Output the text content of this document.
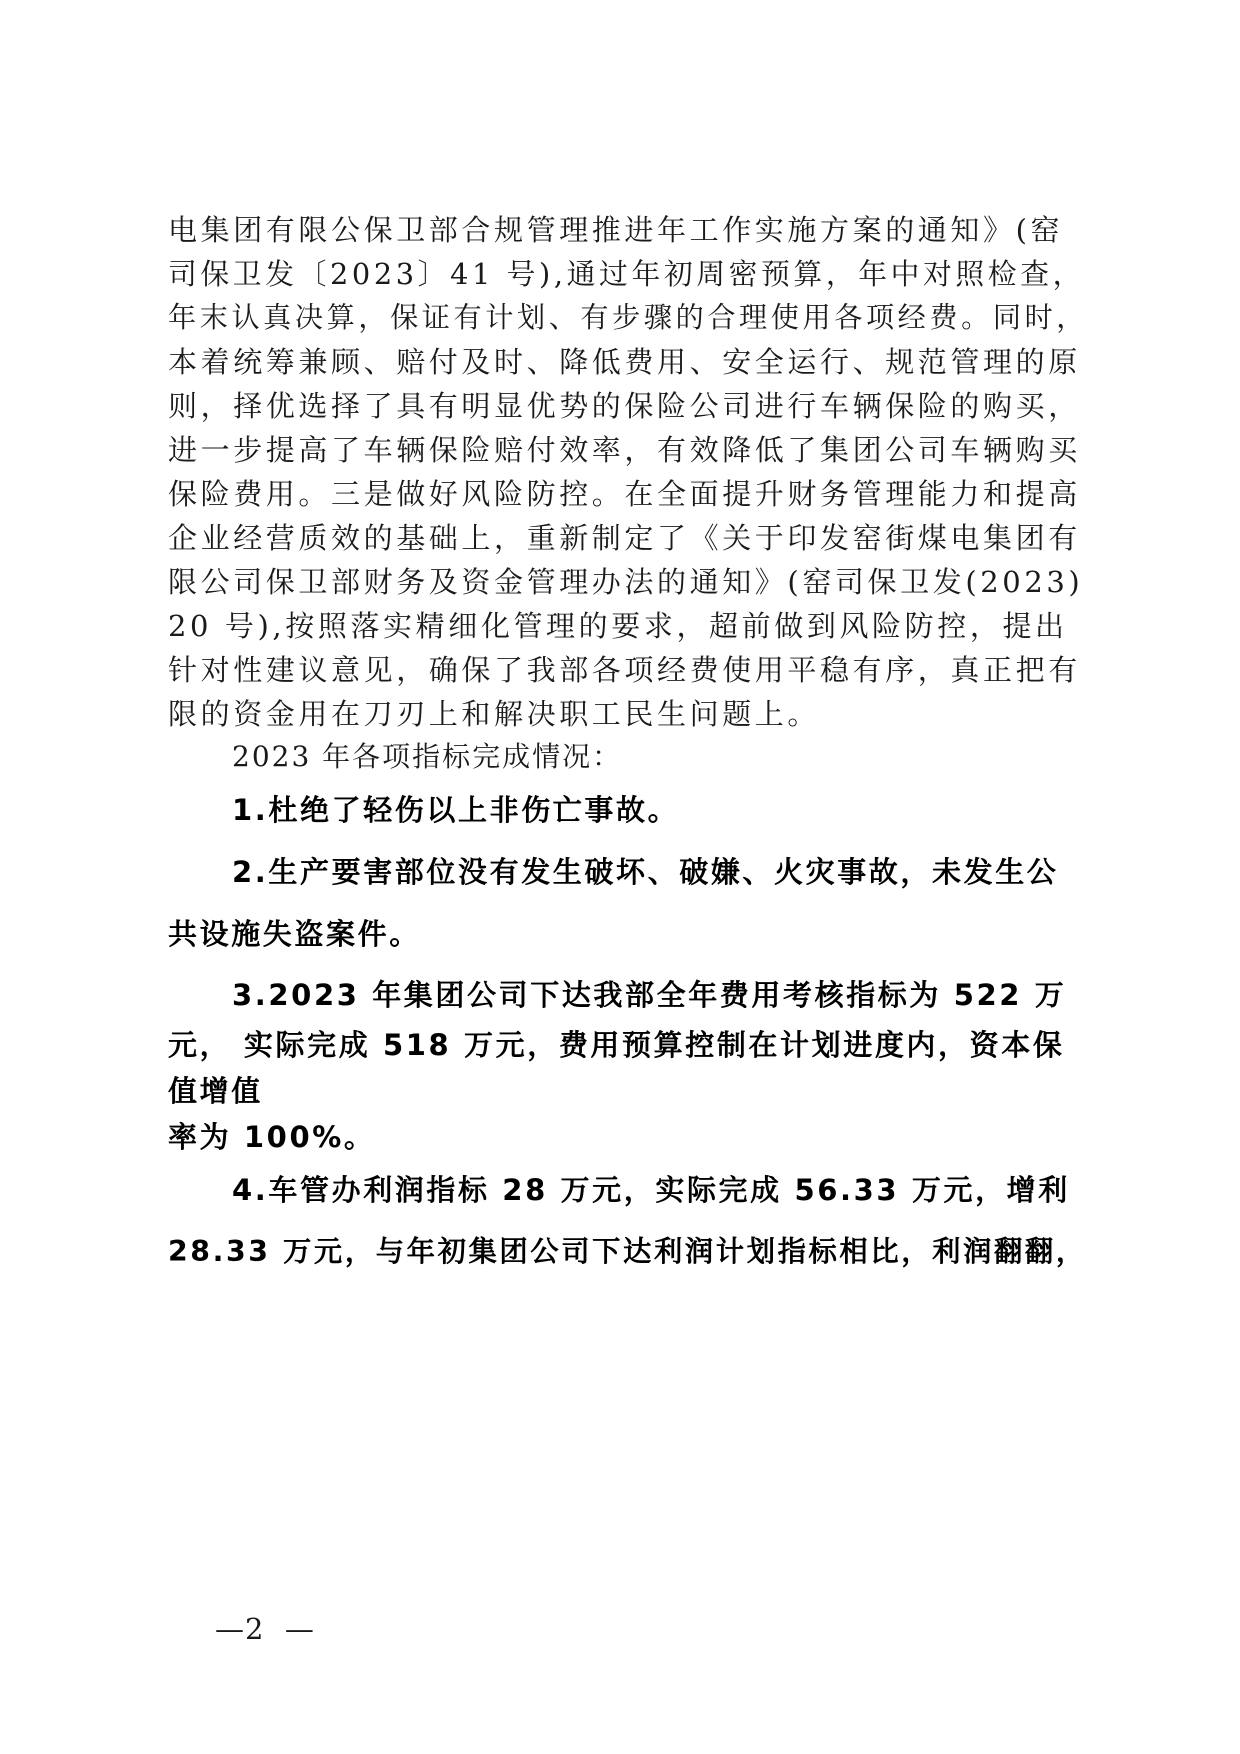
电集团有限公保卫部合规管理推进年工作实施方案的通知》(窑
司保卫发〔2023〕41 号),通过年初周密预算，年中对照检查，
年末认真决算，保证有计划、有步骤的合理使用各项经费。同时，
本着统筹兼顾、赔付及时、降低费用、安全运行、规范管理的原
则，择优选择了具有明显优势的保险公司进行车辆保险的购买，
进一步提高了车辆保险赔付效率，有效降低了集团公司车辆购买
保险费用。三是做好风险防控。在全面提升财务管理能力和提高
企业经营质效的基础上，重新制定了《关于印发窑街煤电集团有
限公司保卫部财务及资金管理办法的通知》(窑司保卫发(2023)
20 号),按照落实精细化管理的要求，超前做到风险防控，提出
针对性建议意见，确保了我部各项经费使用平稳有序，真正把有
限的资金用在刀刃上和解决职工民生问题上。
2023 年各项指标完成情况：
1.杜绝了轻伤以上非伤亡事故。
2.生产要害部位没有发生破坏、破嫌、火灾事故，未发生公
共设施失盗案件。
3.2023 年集团公司下达我部全年费用考核指标为 522 万
元， 实际完成 518 万元，费用预算控制在计划进度内，资本保
值增值
率为 100%。
4.车管办利润指标 28 万元，实际完成 56.33 万元，增利
28.33 万元，与年初集团公司下达利润计划指标相比，利润翻翻，
—2  —
